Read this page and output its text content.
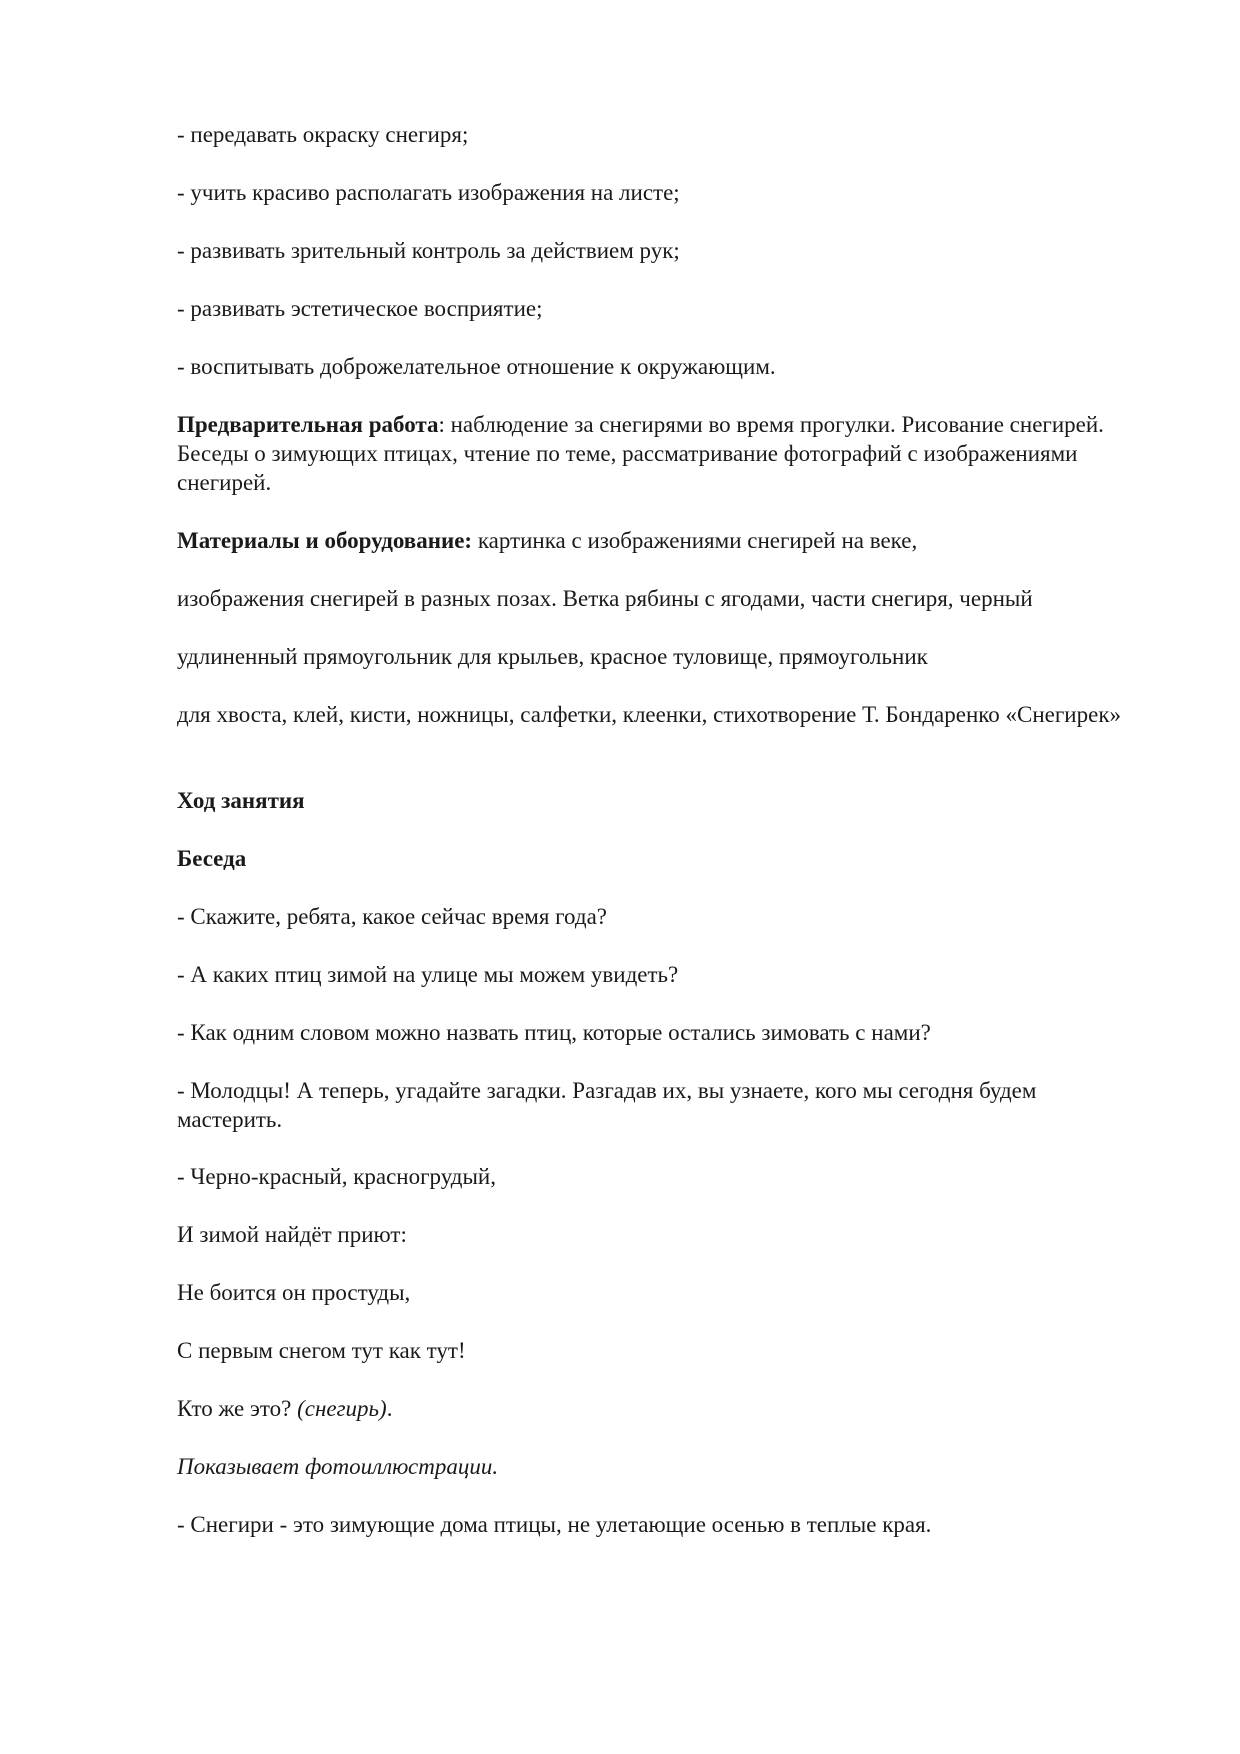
- передавать окраску снегиря;

- учить красиво располагать изображения на листе;

- развивать зрительный контроль за действием рук;

- развивать эстетическое восприятие;

- воспитывать доброжелательное отношение к окружающим.

Предварительная работа: наблюдение за снегирями во время прогулки. Рисование снегирей. Беседы о зимующих птицах, чтение по теме, рассматривание фотографий с изображениями снегирей.

Материалы и оборудование: картинка с изображениями снегирей на веке,

изображения снегирей в разных позах. Ветка рябины с ягодами, части снегиря, черный

удлиненный прямоугольник для крыльев, красное туловище, прямоугольник

для хвоста, клей, кисти, ножницы, салфетки, клеенки, стихотворение Т. Бондаренко «Снегирек»

Ход занятия

Беседа

- Скажите, ребята, какое сейчас время года?

- А каких птиц зимой на улице мы можем увидеть?

- Как одним словом можно назвать птиц, которые остались зимовать с нами?

- Молодцы! А теперь, угадайте загадки. Разгадав их, вы узнаете, кого мы сегодня будем мастерить.

- Черно-красный, красногрудый,

И зимой найдёт приют:

Не боится он простуды,

С первым снегом тут как тут!

Кто же это? (снегирь).

Показывает фотоиллюстрации.

- Снегири - это зимующие дома птицы, не улетающие осенью в теплые края.
